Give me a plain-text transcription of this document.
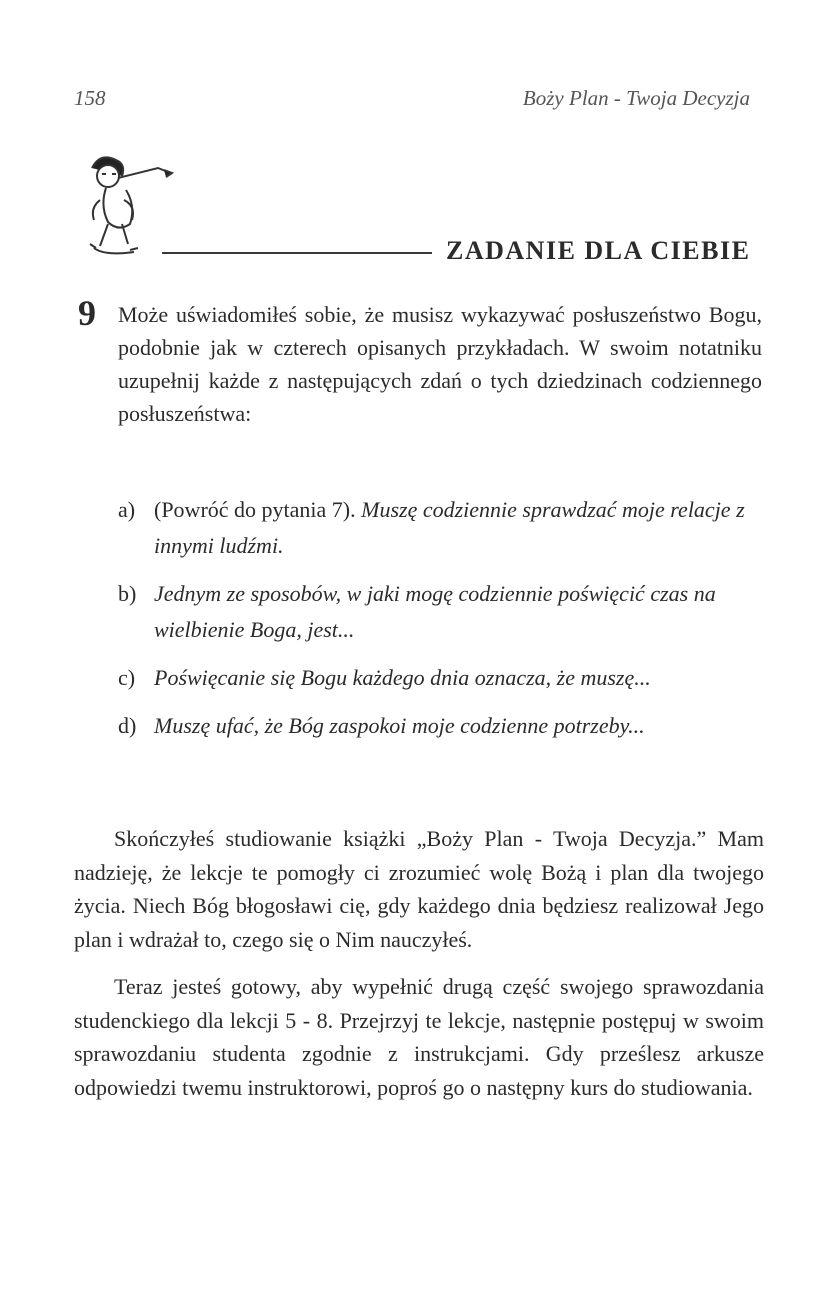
158	Boży Plan - Twoja Decyzja
ZADANIE DLA CIEBIE
9 Może uświadomiłeś sobie, że musisz wykazywać posłuszeństwo Bogu, podobnie jak w czterech opisanych przykładach. W swoim notatniku uzupełnij każde z następujących zdań o tych dziedzinach codziennego posłuszeństwa:
a) (Powróć do pytania 7). Muszę codziennie sprawdzać moje relacje z innymi ludźmi.
b) Jednym ze sposobów, w jaki mogę codziennie poświęcić czas na wielbienie Boga, jest...
c) Poświęcanie się Bogu każdego dnia oznacza, że muszę...
d) Muszę ufać, że Bóg zaspokoi moje codzienne potrzeby...

Skończyłeś studiowanie książki „Boży Plan - Twoja Decyzja.” Mam nadzieję, że lekcje te pomogły ci zrozumieć wolę Bożą i plan dla twojego życia. Niech Bóg błogosławi cię, gdy każdego dnia będziesz realizował Jego plan i wdrażał to, czego się o Nim nauczyłeś.

Teraz jesteś gotowy, aby wypełnić drugą część swojego sprawozdania studenckiego dla lekcji 5 - 8. Przejrzyj te lekcje, następnie postępuj w swoim sprawozdaniu studenta zgodnie z instrukcjami. Gdy prześlesz arkusze odpowiedzi twemu instruktorowi, poproś go o następny kurs do studiowania.
